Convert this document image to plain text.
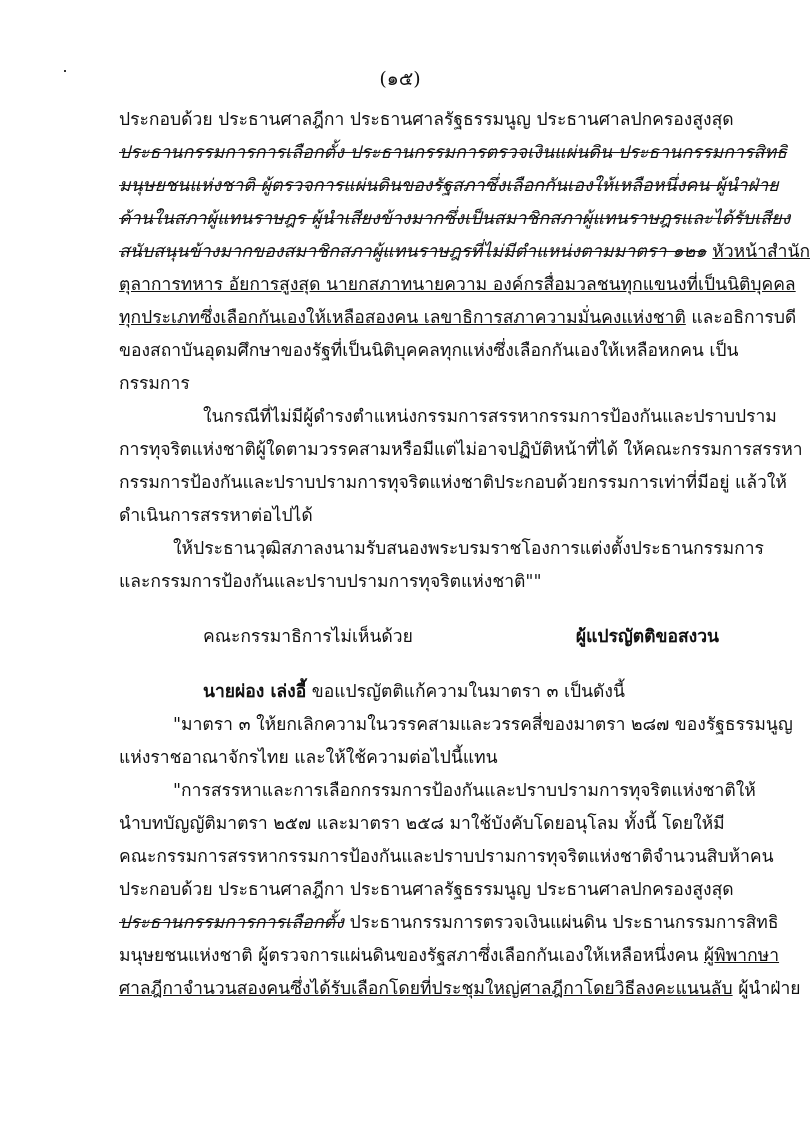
(๑๕)
ประกอบด้วย ประธานศาลฎีกา ประธานศาลรัฐธรรมนูญ ประธานศาลปกครองสูงสุด
ประธานกรรมการการเลือกตั้ง ประธานกรรมการตรวจเงินแผ่นดิน ประธานกรรมการสิทธิ
มนุษยชนแห่งชาติ ผู้ตรวจการแผ่นดินของรัฐสภาซึ่งเลือกกันเองให้เหลือหนึ่งคน ผู้นำฝ่าย
ค้านในสภาผู้แทนราษฎร ผู้นำเสียงข้างมากซึ่งเป็นสมาชิกสภาผู้แทนราษฎรและได้รับเสียง
สนับสนุนข้างมากของสมาชิกสภาผู้แทนราษฎรที่ไม่มีตำแหน่งตามมาตรา ๑๒๑ หัวหน้าสำนัก
ตุลาการทหาร อัยการสูงสุด นายกสภาทนายความ องค์กรสื่อมวลชนทุกแขนงที่เป็นนิติบุคคล
ทุกประเภทซึ่งเลือกกันเองให้เหลือสองคน เลขาธิการสภาความมั่นคงแห่งชาติ และอธิการบดี
ของสถาบันอุดมศึกษาของรัฐที่เป็นนิติบุคคลทุกแห่งซึ่งเลือกกันเองให้เหลือหกคน เป็น
กรรมการ
ในกรณีที่ไม่มีผู้ดำรงตำแหน่งกรรมการสรรหากรรมการป้องกันและปราบปราม
การทุจริตแห่งชาติผู้ใดตามวรรคสามหรือมีแต่ไม่อาจปฏิบัติหน้าที่ได้ ให้คณะกรรมการสรรหา
กรรมการป้องกันและปราบปรามการทุจริตแห่งชาติประกอบด้วยกรรมการเท่าที่มีอยู่ แล้วให้
ดำเนินการสรรหาต่อไปได้
ให้ประธานวุฒิสภาลงนามรับสนองพระบรมราชโองการแต่งตั้งประธานกรรมการ
และกรรมการป้องกันและปราบปรามการทุจริตแห่งชาติ""
คณะกรรมาธิการไม่เห็นด้วย	ผู้แปรญัตติขอสงวน
นายผ่อง เล่งอี้ ขอแปรญัตติแก้ความในมาตรา ๓ เป็นดังนี้
"มาตรา ๓ ให้ยกเลิกความในวรรคสามและวรรคสี่ของมาตรา ๒๘๗ ของรัฐธรรมนูญ
แห่งราชอาณาจักรไทย และให้ใช้ความต่อไปนี้แทน
"การสรรหาและการเลือกกรรมการป้องกันและปราบปรามการทุจริตแห่งชาติให้
นำบทบัญญัติมาตรา ๒๕๗ และมาตรา ๒๕๘ มาใช้บังคับโดยอนุโลม ทั้งนี้ โดยให้มี
คณะกรรมการสรรหากรรมการป้องกันและปราบปรามการทุจริตแห่งชาติจำนวนสิบห้าคน
ประกอบด้วย ประธานศาลฎีกา ประธานศาลรัฐธรรมนูญ ประธานศาลปกครองสูงสุด
ประธานกรรมการการเลือกตั้ง ประธานกรรมการตรวจเงินแผ่นดิน ประธานกรรมการสิทธิ
มนุษยชนแห่งชาติ ผู้ตรวจการแผ่นดินของรัฐสภาซึ่งเลือกกันเองให้เหลือหนึ่งคน ผู้พิพากษา
ศาลฎีกาจำนวนสองคนซึ่งได้รับเลือกโดยที่ประชุมใหญ่ศาลฎีกาโดยวิธีลงคะแนนลับ ผู้นำฝ่าย
